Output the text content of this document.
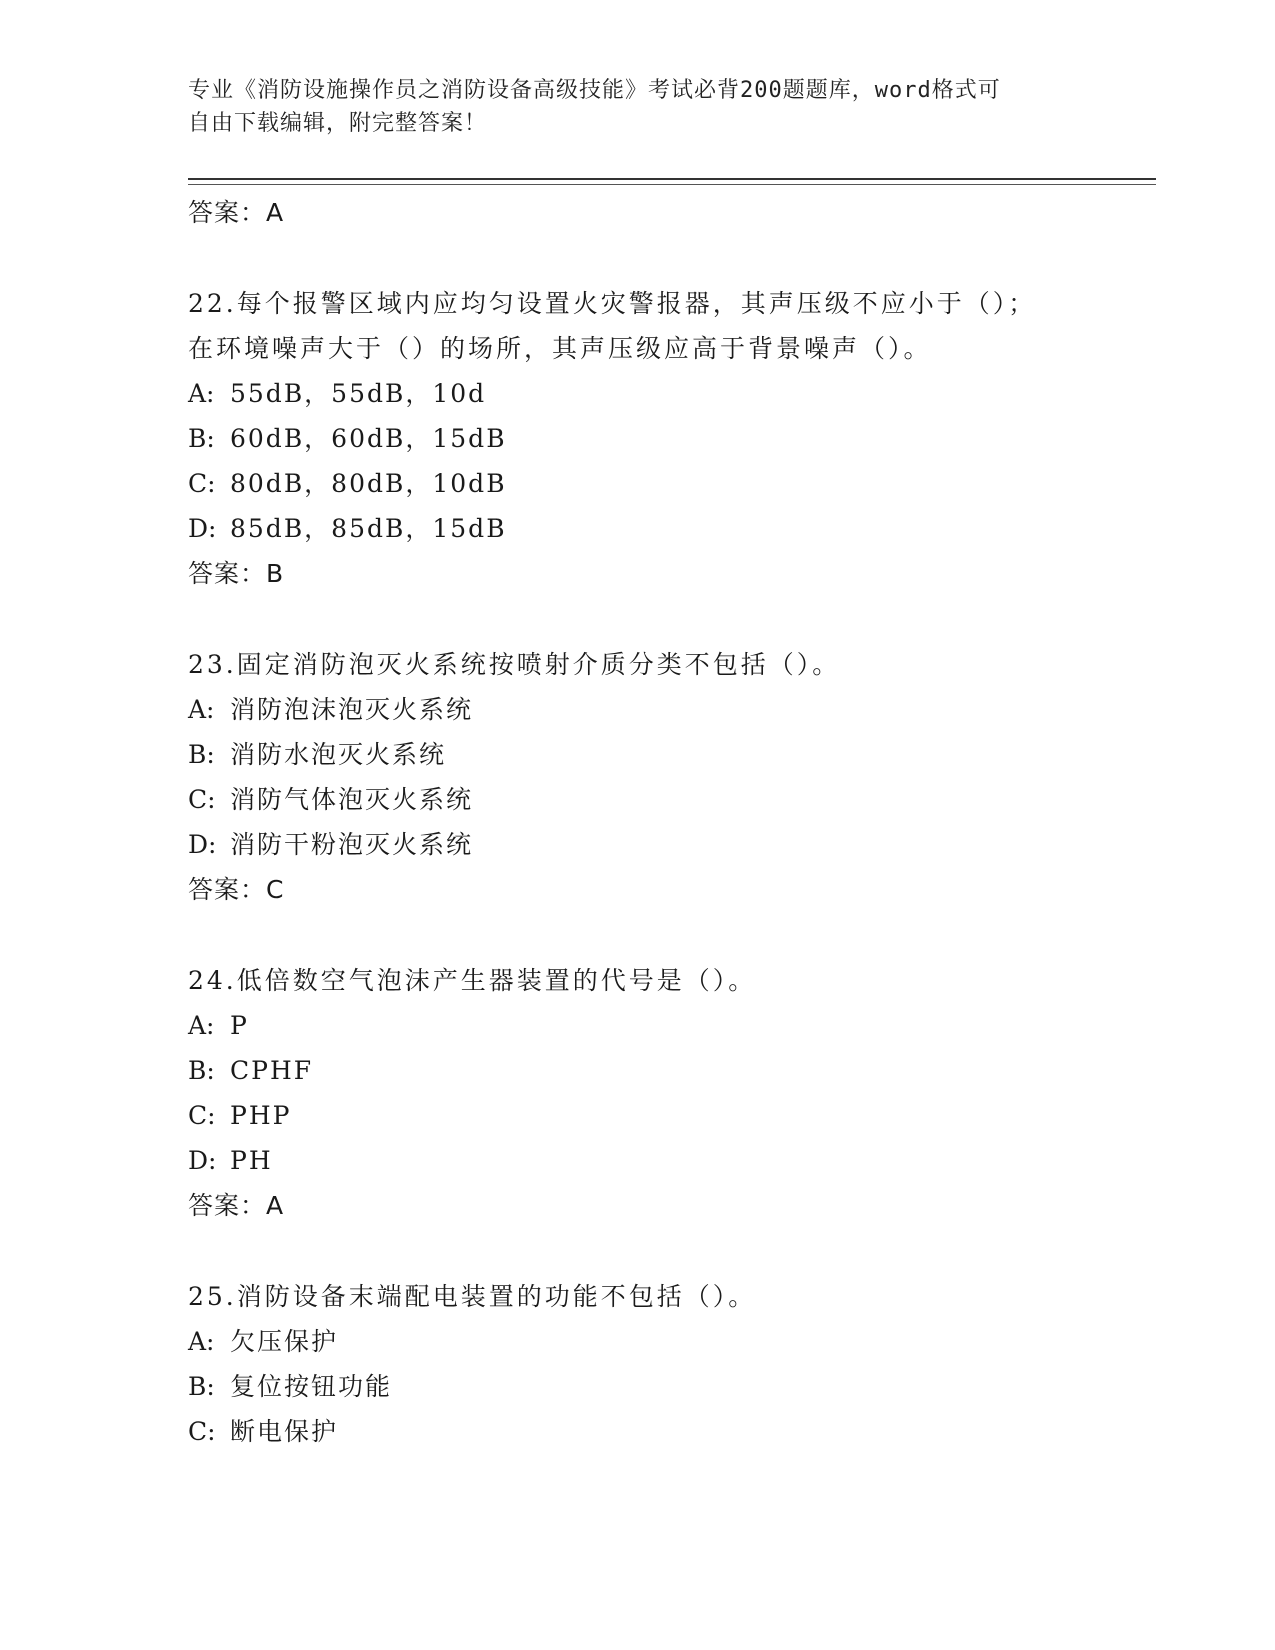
专业《消防设施操作员之消防设备高级技能》考试必背200题题库，word格式可
自由下载编辑，附完整答案！
答案：A
22.每个报警区域内应均匀设置火灾警报器，其声压级不应小于（）；
在环境噪声大于（）的场所，其声压级应高于背景噪声（）。
A: 55dB，55dB，10d
B: 60dB，60dB，15dB
C: 80dB，80dB，10dB
D: 85dB，85dB，15dB
答案：B
23.固定消防泡灭火系统按喷射介质分类不包括（）。
A: 消防泡沫泡灭火系统
B: 消防水泡灭火系统
C: 消防气体泡灭火系统
D: 消防干粉泡灭火系统
答案：C
24.低倍数空气泡沫产生器装置的代号是（）。
A: P
B: CPHF
C: PHP
D: PH
答案：A
25.消防设备末端配电装置的功能不包括（）。
A: 欠压保护
B: 复位按钮功能
C: 断电保护
